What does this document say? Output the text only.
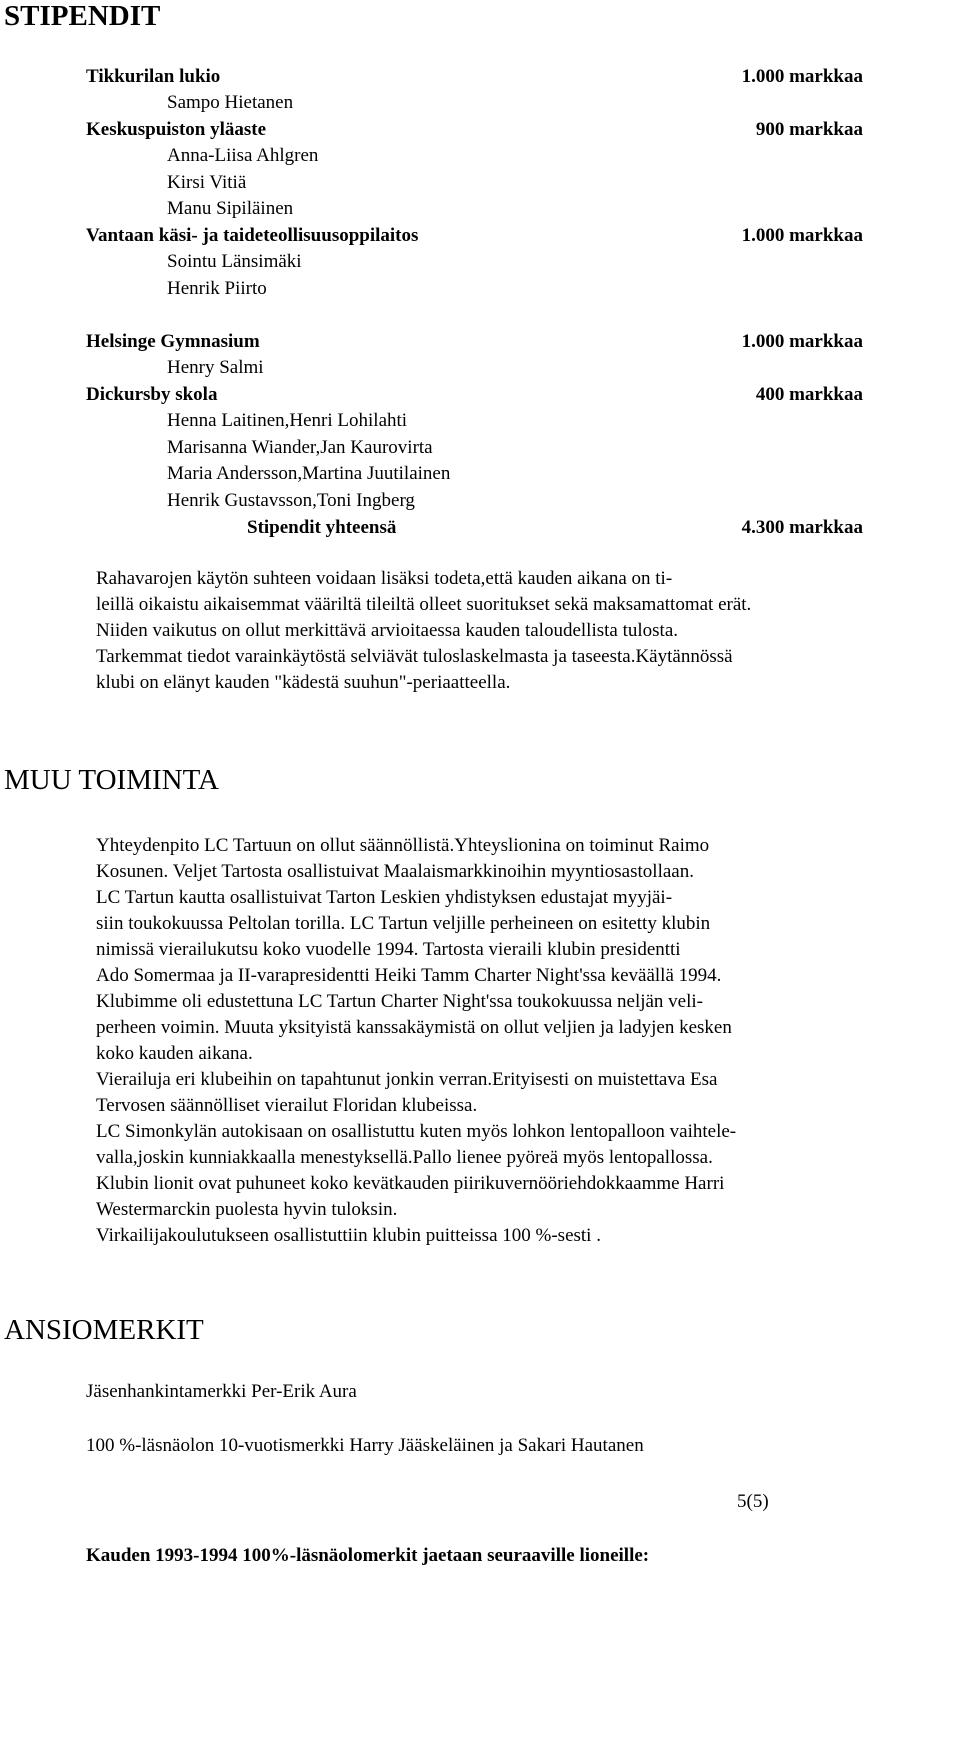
STIPENDIT
Tikkurilan lukio
Sampo Hietanen
Keskuspuiston yläaste
Anna-Liisa Ahlgren
Kirsi Vitiä
Manu Sipiläinen
Vantaan käsi- ja taideteollisuusoppilaitos
Sointu Länsimäki
Henrik Piirto
Helsinge Gymnasium
Henry Salmi
Dickursby skola
Henna Laitinen,Henri Lohilahti
Marisanna Wiander,Jan Kaurovirta
Maria Andersson,Martina Juutilainen
Henrik Gustavsson,Toni Ingberg
Stipendit yhteensä
1.000 markkaa
900 markkaa
1.000 markkaa
1.000 markkaa
400 markkaa
4.300 markkaa
Rahavarojen käytön suhteen voidaan lisäksi todeta,että kauden aikana on ti-
leillä oikaistu aikaisemmat vääriltä tileiltä olleet suoritukset sekä maksamattomat erät.
Niiden vaikutus on ollut merkittävä arvioitaessa kauden taloudellista tulosta.
Tarkemmat tiedot varainkäytöstä selviävät tuloslaskelmasta ja taseesta.Käytännössä
klubi on elänyt kauden "kädestä suuhun"-periaatteella.
MUU TOIMINTA
Yhteydenpito LC Tartuun on ollut säännöllistä.Yhteyslionina on toiminut Raimo
Kosunen. Veljet Tartosta osallistuivat Maalaismarkkinoihin myyntiosastollaan.
LC Tartun kautta osallistuivat Tarton Leskien yhdistyksen edustajat myyjäi-
siin toukokuussa Peltolan torilla. LC Tartun veljille perheineen on esitetty klubin
nimissä vierailukutsu koko vuodelle 1994. Tartosta vieraili klubin presidentti
Ado Somermaa ja II-varapresidentti Heiki Tamm Charter Night'ssa keväällä 1994.
Klubimme oli edustettuna LC Tartun Charter Night'ssa toukokuussa neljän veli-
perheen voimin. Muuta yksityistä kanssakäymistä on ollut veljien ja ladyjen kesken
koko kauden aikana.
Vierailuja eri klubeihin on tapahtunut jonkin verran.Erityisesti on muistettava Esa
Tervosen säännölliset vierailut Floridan klubeissa.
LC Simonkylän autokisaan on osallistuttu kuten myös lohkon lentopalloon vaihtele-
valla,joskin kunniakkaalla menestyksellä.Pallo lienee pyöreä myös lentopallossa.
Klubin lionit ovat puhuneet koko kevätkauden piirikuvernööriehdokkaamme Harri
Westermarckin puolesta hyvin tuloksin.
Virkailijakoulutukseen osallistuttiin klubin puitteissa 100 %-sesti .
ANSIOMERKIT
Jäsenhankintamerkki Per-Erik Aura
100 %-läsnäolon 10-vuotismerkki Harry Jääskeläinen ja Sakari Hautanen
5(5)
Kauden 1993-1994 100%-läsnäolomerkit jaetaan seuraaville lioneille:
